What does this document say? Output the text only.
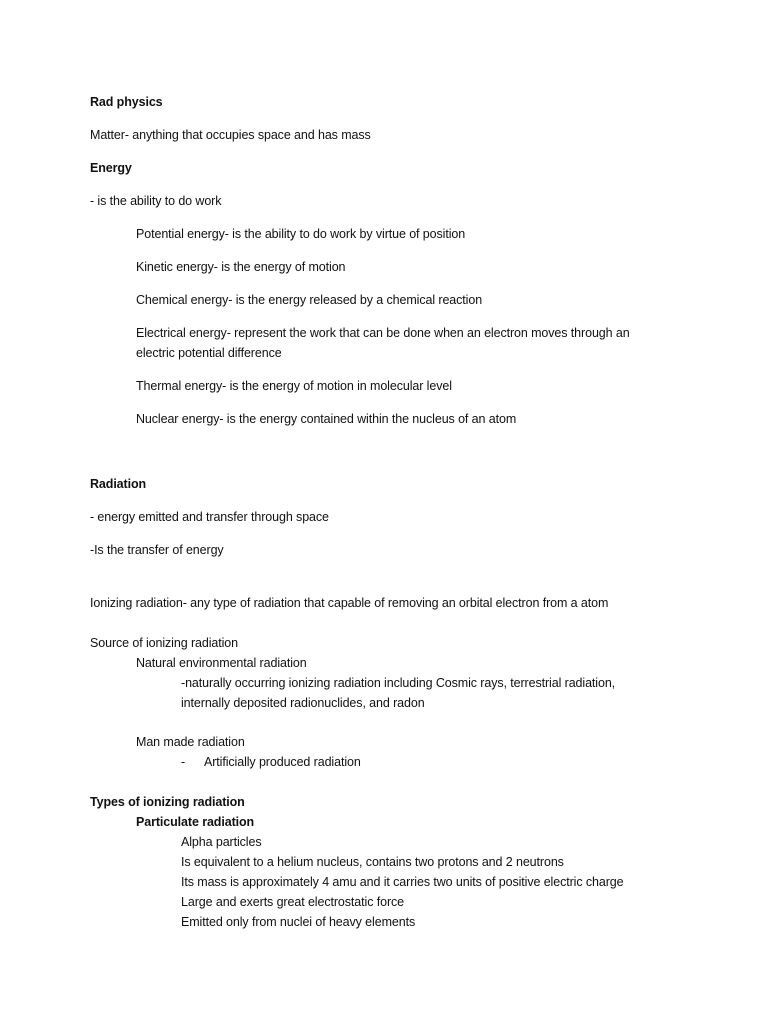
Rad physics
Matter- anything that occupies space and has mass
Energy
- is the ability to do work
Potential energy- is the ability to do work by virtue of position
Kinetic energy- is the energy of motion
Chemical energy- is the energy released by a chemical reaction
Electrical energy- represent the work that can be done when an electron moves through an
electric potential difference
Thermal energy- is the energy of motion in molecular level
Nuclear energy- is the energy contained within the nucleus of an atom
Radiation
- energy emitted and transfer through space
-Is the transfer of energy
Ionizing radiation- any type of radiation that capable of removing an orbital electron from a atom
Source of ionizing radiation
Natural environmental radiation
-naturally occurring ionizing radiation including Cosmic rays, terrestrial radiation,
internally deposited radionuclides, and radon
Man made radiation
- Artificially produced radiation
Types of ionizing radiation
Particulate radiation
Alpha particles
Is equivalent to a helium nucleus, contains two protons and 2 neutrons
Its mass is approximately 4 amu and it carries two units of positive electric charge
Large and exerts great electrostatic force
Emitted only from nuclei of heavy elements
